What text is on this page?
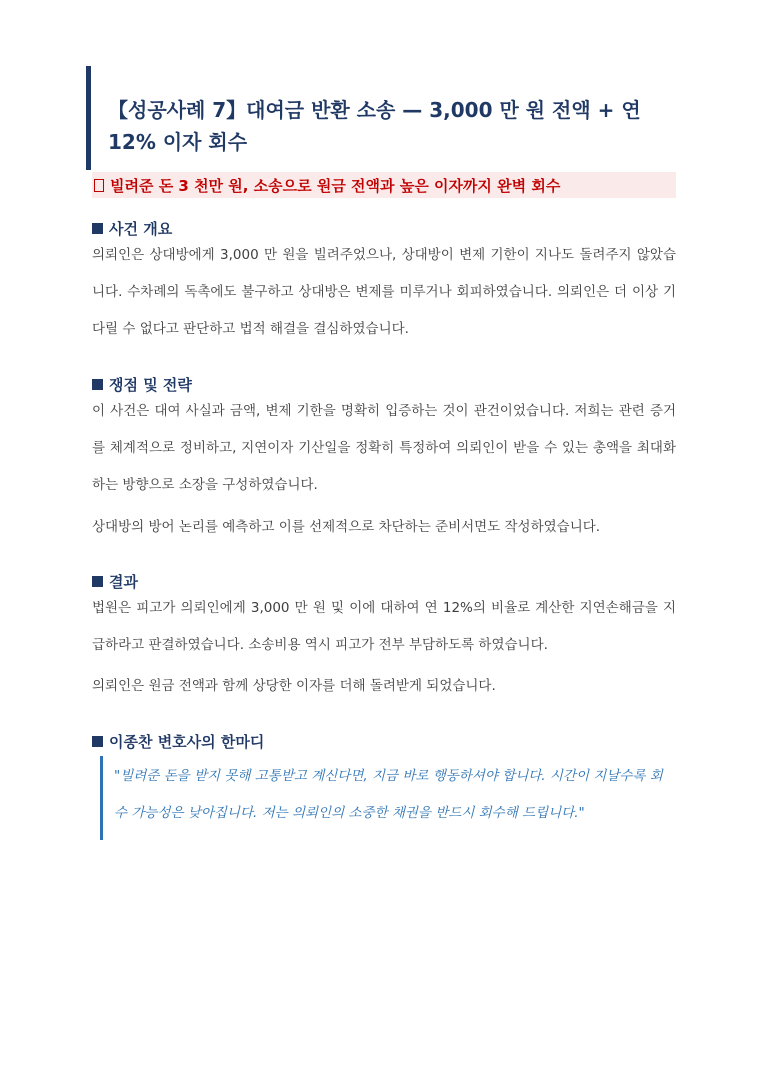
【성공사례 7】대여금 반환 소송 — 3,000 만 원 전액 + 연 12% 이자 회수
빌려준 돈 3 천만 원, 소송으로 원금 전액과 높은 이자까지 완벽 회수
사건 개요

의뢰인은 상대방에게 3,000 만 원을 빌려주었으나, 상대방이 변제 기한이 지나도 돌려주지 않았습니다. 수차례의 독촉에도 불구하고 상대방은 변제를 미루거나 회피하였습니다. 의뢰인은 더 이상 기다릴 수 없다고 판단하고 법적 해결을 결심하였습니다.

쟁점 및 전략

이 사건은 대여 사실과 금액, 변제 기한을 명확히 입증하는 것이 관건이었습니다. 저희는 관련 증거를 체계적으로 정비하고, 지연이자 기산일을 정확히 특정하여 의뢰인이 받을 수 있는 총액을 최대화하는 방향으로 소장을 구성하였습니다.

상대방의 방어 논리를 예측하고 이를 선제적으로 차단하는 준비서면도 작성하였습니다.

결과

법원은 피고가 의뢰인에게 3,000 만 원 및 이에 대하여 연 12%의 비율로 계산한 지연손해금을 지급하라고 판결하였습니다. 소송비용 역시 피고가 전부 부담하도록 하였습니다.

의뢰인은 원금 전액과 함께 상당한 이자를 더해 돌려받게 되었습니다.

이종찬 변호사의 한마디

"빌려준 돈을 받지 못해 고통받고 계신다면, 지금 바로 행동하셔야 합니다. 시간이 지날수록 회수 가능성은 낮아집니다. 저는 의뢰인의 소중한 채권을 반드시 회수해 드립니다."
